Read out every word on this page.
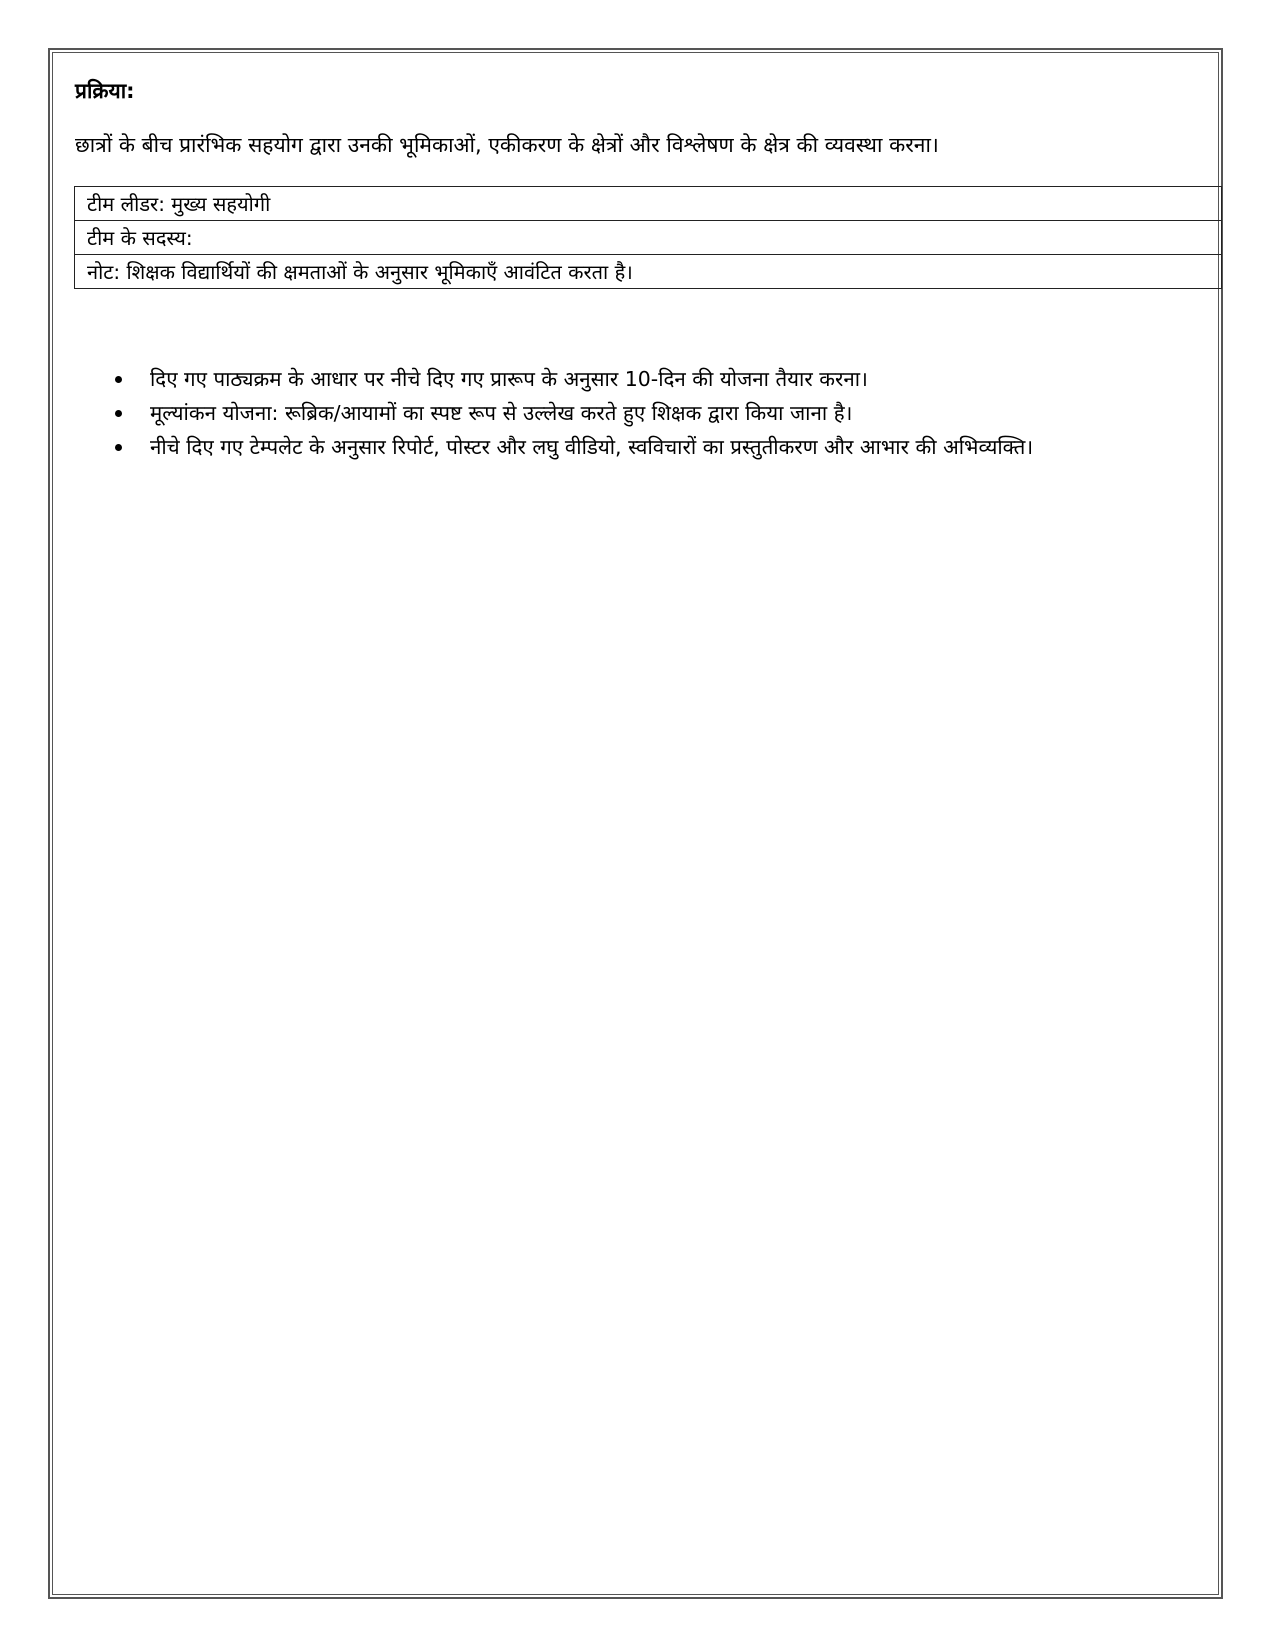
प्रक्रिया:

छात्रों के बीच प्रारंभिक सहयोग द्वारा उनकी भूमिकाओं, एकीकरण के क्षेत्रों और विश्लेषण के क्षेत्र की व्यवस्था करना।

टीम लीडर: मुख्य सहयोगी
टीम के सदस्य:
नोट: शिक्षक विद्यार्थियों की क्षमताओं के अनुसार भूमिकाएँ आवंटित करता है।
दिए गए पाठ्यक्रम के आधार पर नीचे दिए गए प्रारूप के अनुसार 10-दिन की योजना तैयार करना।
मूल्यांकन योजना: रूब्रिक/आयामों का स्पष्ट रूप से उल्लेख करते हुए शिक्षक द्वारा किया जाना है।
नीचे दिए गए टेम्पलेट के अनुसार रिपोर्ट, पोस्टर और लघु वीडियो, स्वविचारों का प्रस्तुतीकरण और आभार की अभिव्यक्ति।
